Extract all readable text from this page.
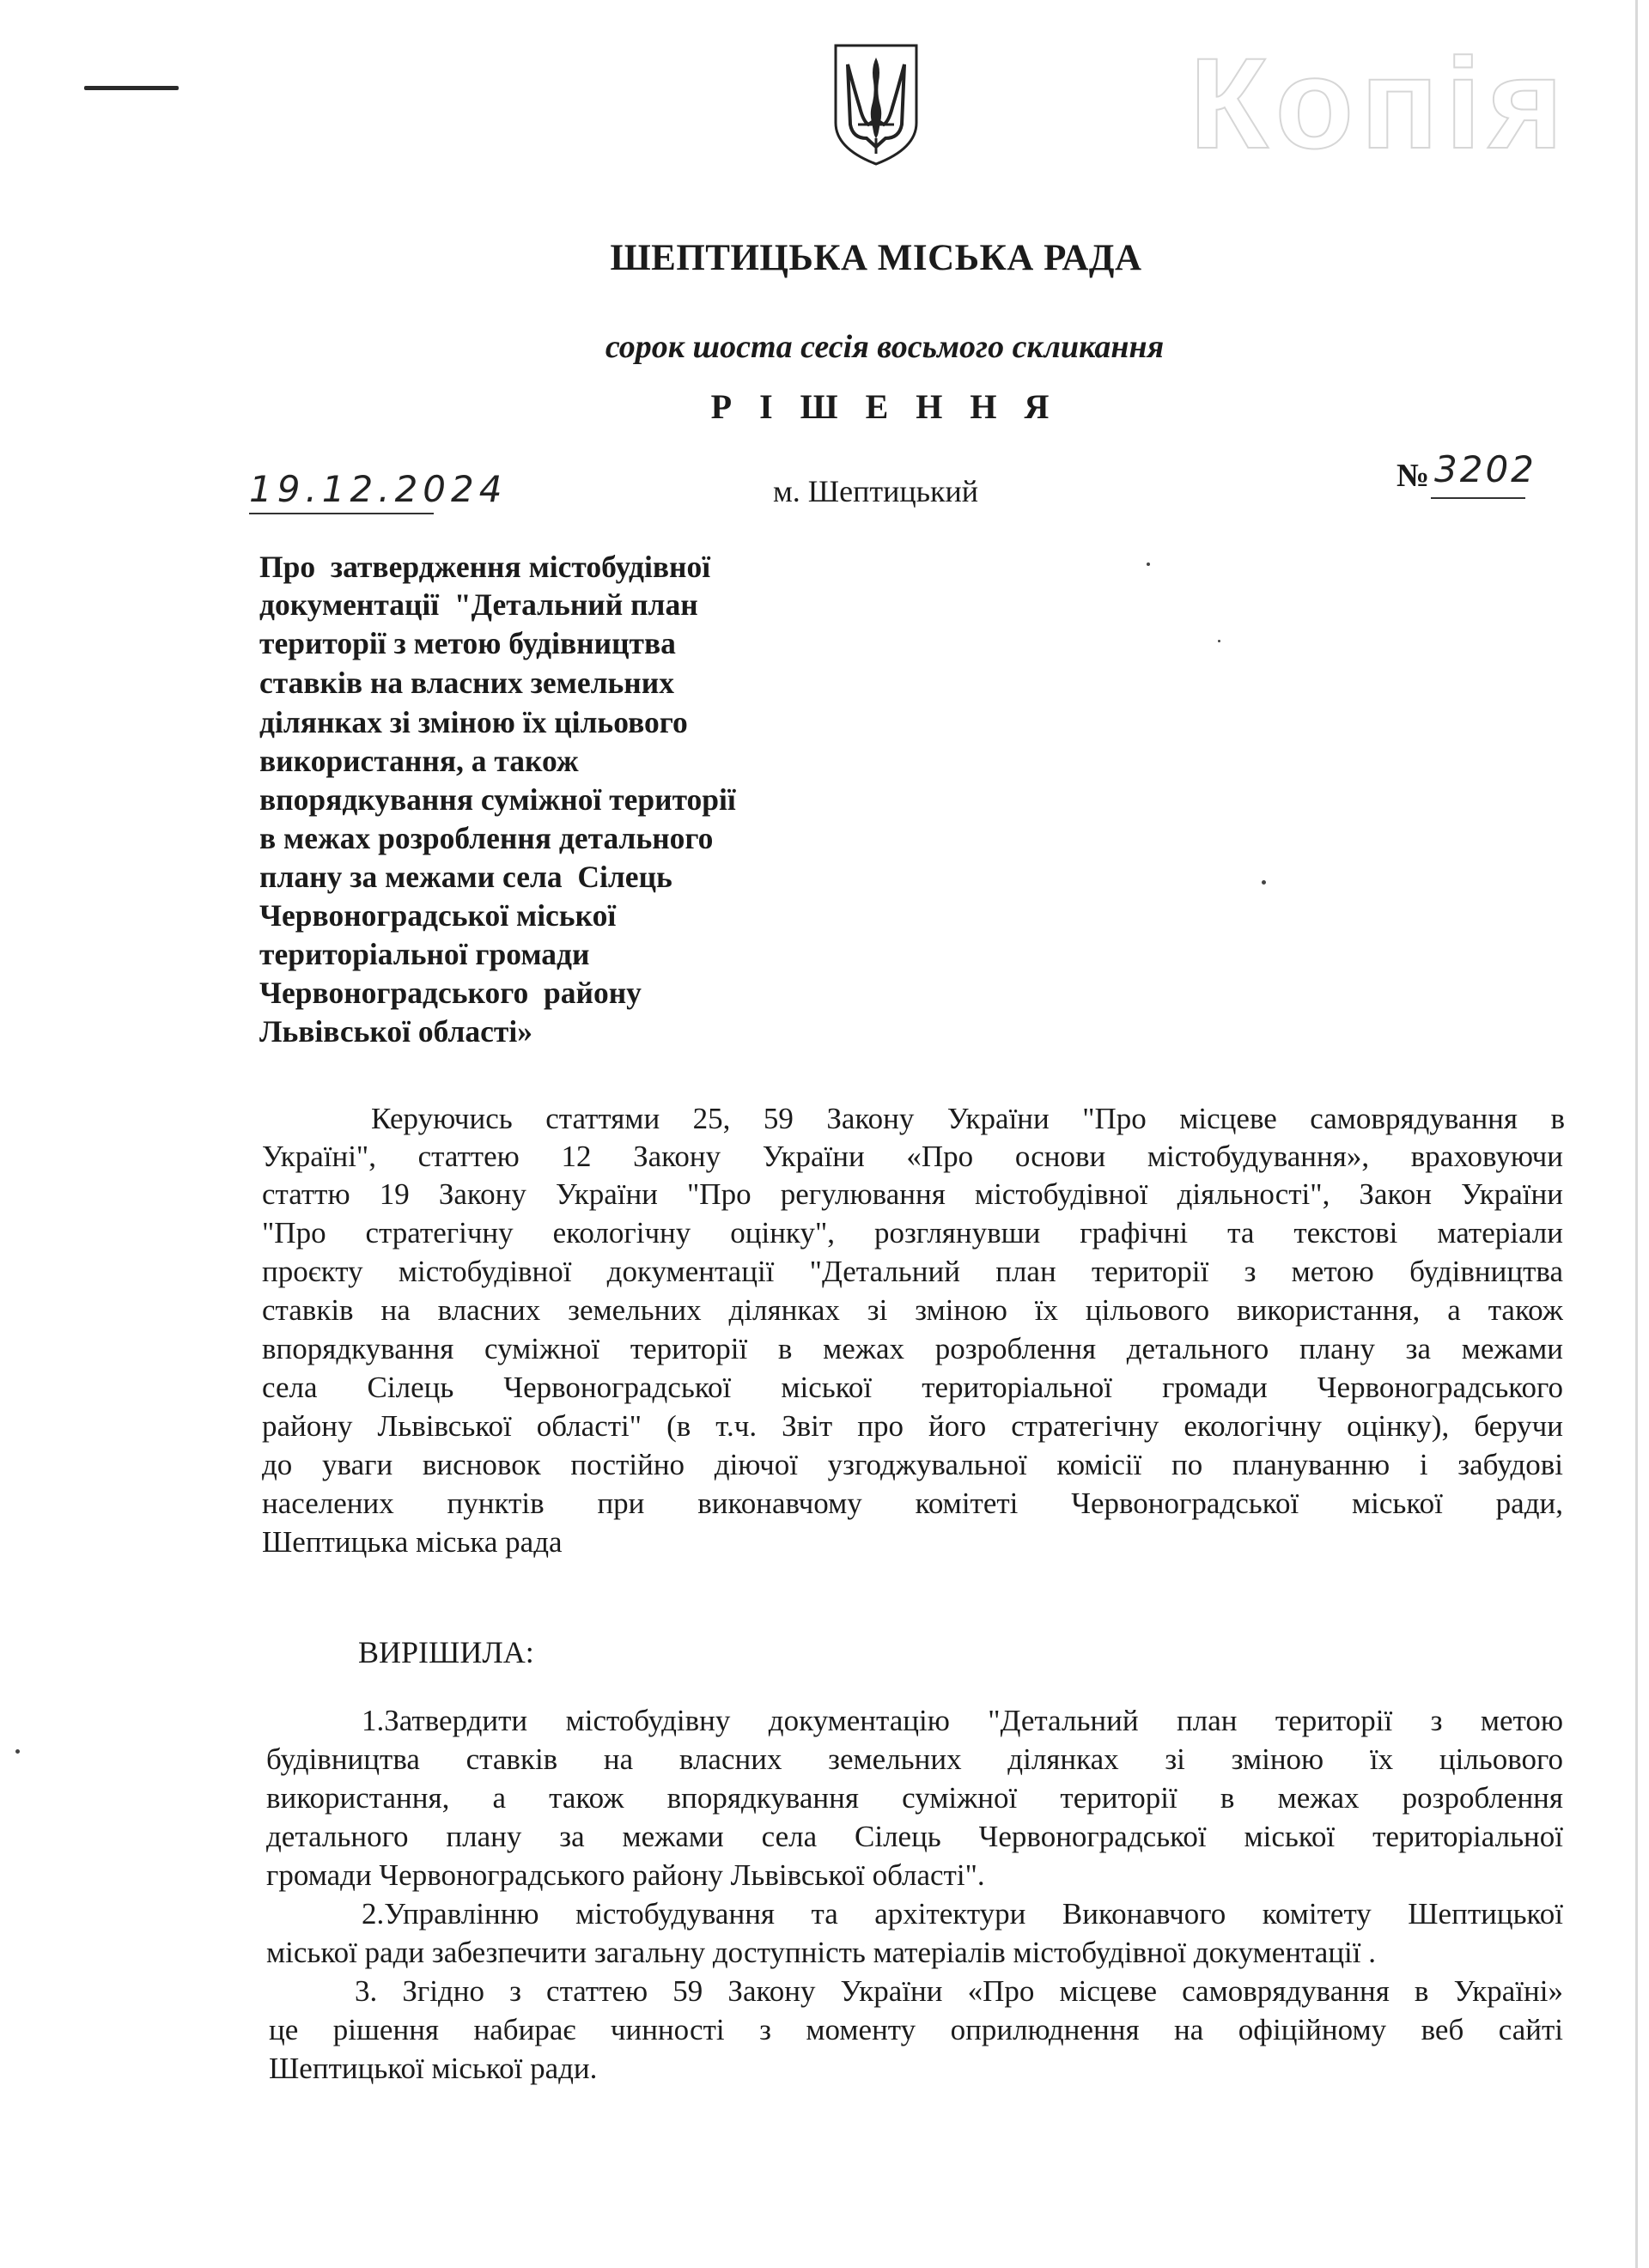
Копія
ШЕПТИЦЬКА МІСЬКА РАДА
сорок шоста сесія восьмого скликання
Р І Ш Е Н Н Я
19.12.2024	м. Шептицький	№ 3202
Про  затвердження містобудівної
документації  "Детальний план
території з метою будівництва
ставків на власних земельних
ділянках зі зміною їх цільового
використання, а також
впорядкування суміжної території
в межах розроблення детального
плану за межами села  Сілець
Червоноградської міської
територіальної громади
Червоноградського  району
Львівської області»
Керуючись статтями 25, 59 Закону України "Про місцеве самоврядування в
Україні", статтею 12 Закону України «Про основи містобудування», враховуючи
статтю 19 Закону України "Про регулювання містобудівної діяльності", Закон України
"Про стратегічну екологічну оцінку", розглянувши графічні та текстові матеріали
проєкту містобудівної документації "Детальний план території з метою будівництва
ставків на власних земельних ділянках зі зміною їх цільового використання, а також
впорядкування суміжної території в межах розроблення детального плану за межами
села Сілець Червоноградської міської територіальної громади Червоноградського
району Львівської області" (в т.ч. Звіт про його стратегічну екологічну оцінку), беручи
до уваги висновок постійно діючої узгоджувальної комісії по плануванню і забудові
населених пунктів при виконавчому комітеті Червоноградської міської ради,
Шептицька міська рада
ВИРІШИЛА:
1.Затвердити містобудівну документацію "Детальний план території з метою
будівництва ставків на власних земельних ділянках зі зміною їх цільового
використання, а також впорядкування суміжної території в межах розроблення
детального плану за межами села Сілець Червоноградської міської територіальної
громади Червоноградського району Львівської області".
2.Управлінню містобудування та архітектури Виконавчого комітету Шептицької
міської ради забезпечити загальну доступність матеріалів містобудівної документації .
3. Згідно з статтею 59 Закону України «Про місцеве самоврядування в Україні»
це рішення набирає чинності з моменту оприлюднення на офіційному веб сайті
Шептицької міської ради.
